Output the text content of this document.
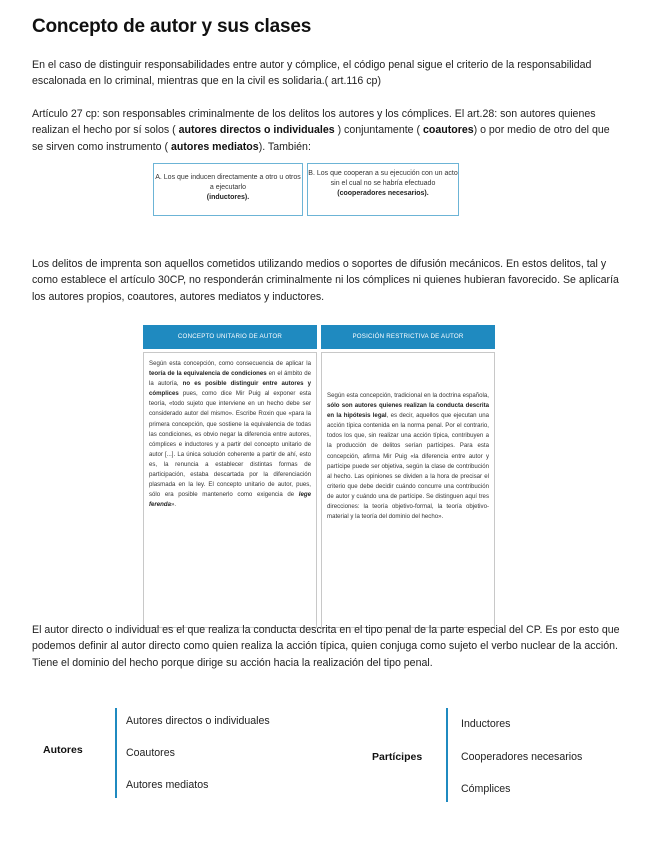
Concepto de autor y sus clases

En el caso de distinguir responsabilidades entre autor y cómplice, el código penal sigue el criterio de la responsabilidad escalonada en lo criminal, mientras que en la civil es solidaria.( art.116 cp)

Artículo 27 cp: son responsables criminalmente de los delitos los autores y los cómplices. El art.28: son autores quienes realizan el hecho por sí solos ( autores directos o individuales ) conjuntamente ( coautores) o por medio de otro del que se sirven como instrumento ( autores mediatos). También:

A. Los que inducen directamente a otro u otros a ejecutarlo
(inductores).
B. Los que cooperan a su ejecución con un acto sin el cual no se habría efectuado
(cooperadores necesarios).

Los delitos de imprenta son aquellos cometidos utilizando medios o soportes de difusión mecánicos. En estos delitos, tal y como establece el artículo 30CP, no responderán criminalmente ni los cómplices ni quienes hubieran favorecido. Se aplicaría los autores propios, coautores, autores mediatos y inductores.

CONCEPTO UNITARIO DE AUTOR
Según esta concepción, como consecuencia de aplicar la teoría de la equivalencia de condiciones en el ámbito de la autoría, no es posible distinguir entre autores y cómplices pues, como dice Mir Puig al exponer esta teoría, «todo sujeto que interviene en un hecho debe ser considerado autor del mismo». Escribe Roxin que «para la primera concepción, que sostiene la equivalencia de todas las condiciones, es obvio negar la diferencia entre autores, cómplices e inductores y a partir del concepto unitario de autor [...]. La única solución coherente a partir de ahí, esto es, la renuncia a establecer distintas formas de participación, estaba descartada por la diferenciación plasmada en la ley. El concepto unitario de autor, pues, sólo era posible mantenerlo como exigencia de lege ferenda».
POSICIÓN RESTRICTIVA DE AUTOR
Según esta concepción, tradicional en la doctrina española, sólo son autores quienes realizan la conducta descrita en la hipótesis legal, es decir, aquellos que ejecutan una acción típica contenida en la norma penal. Por el contrario, todos los que, sin realizar una acción típica, contribuyen a la producción de delitos serían partícipes. Para esta concepción, afirma Mir Puig «la diferencia entre autor y partícipe puede ser objetiva, según la clase de contribución al hecho. Las opiniones se dividen a la hora de precisar el criterio que debe decidir cuándo concurre una contribución de autor y cuándo una de partícipe. Se distinguen aquí tres direcciones: la teoría objetivo-formal, la teoría objetivo-material y la teoría del dominio del hecho».

El autor directo o individual es el que realiza la conducta descrita en el tipo penal de la parte especial del CP. Es por esto que podemos definir al autor directo como quien realiza la acción típica, quien conjuga como sujeto el verbo nuclear de la acción. Tiene el dominio del hecho porque dirige su acción hacia la realización del tipo penal.

Autores
Autores directos o individuales
Coautores
Autores mediatos
Partícipes
Inductores
Cooperadores necesarios
Cómplices
